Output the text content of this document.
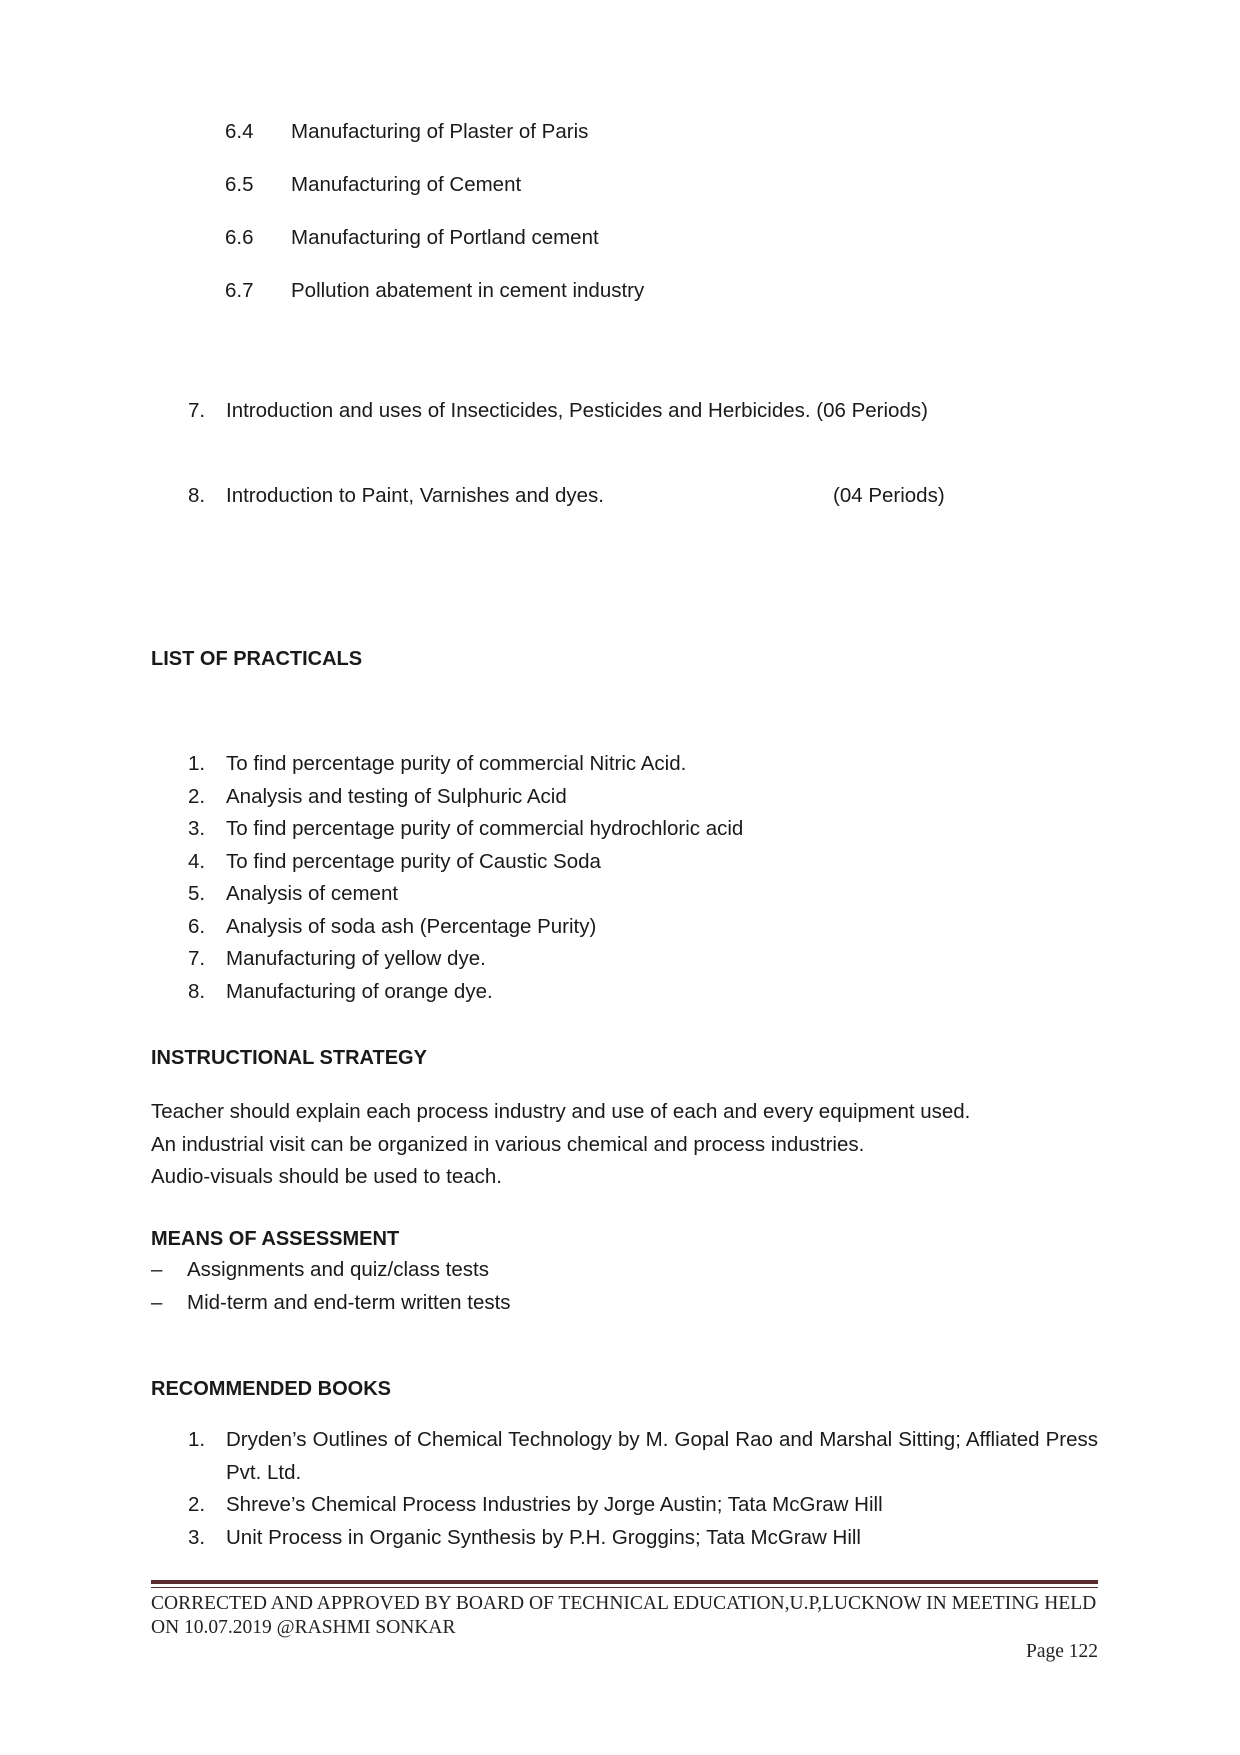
6.4 Manufacturing of Plaster of Paris
6.5 Manufacturing of Cement
6.6 Manufacturing of Portland cement
6.7 Pollution abatement in cement industry
7. Introduction and uses of Insecticides, Pesticides and Herbicides. (06 Periods)
8. Introduction to Paint, Varnishes and dyes.	(04 Periods)
LIST OF PRACTICALS
1. To find percentage purity of commercial Nitric Acid.
2. Analysis and testing of Sulphuric Acid
3. To find percentage purity of commercial hydrochloric acid
4. To find percentage purity of Caustic Soda
5. Analysis of cement
6. Analysis of soda ash (Percentage Purity)
7. Manufacturing of yellow dye.
8. Manufacturing of orange dye.
INSTRUCTIONAL STRATEGY
Teacher should explain each process industry and use of each and every equipment used.
An industrial visit can be organized in various chemical and process industries.
Audio-visuals should be used to teach.
MEANS OF ASSESSMENT
– Assignments and quiz/class tests
– Mid-term and end-term written tests
RECOMMENDED BOOKS
1. Dryden’s Outlines of Chemical Technology by M. Gopal Rao and Marshal Sitting; Affliated Press Pvt. Ltd.
2. Shreve’s Chemical Process Industries by Jorge Austin; Tata McGraw Hill
3. Unit Process in Organic Synthesis by P.H. Groggins; Tata McGraw Hill
CORRECTED AND APPROVED BY BOARD OF TECHNICAL EDUCATION,U.P,LUCKNOW IN MEETING HELD ON 10.07.2019 @RASHMI SONKAR
Page 122
